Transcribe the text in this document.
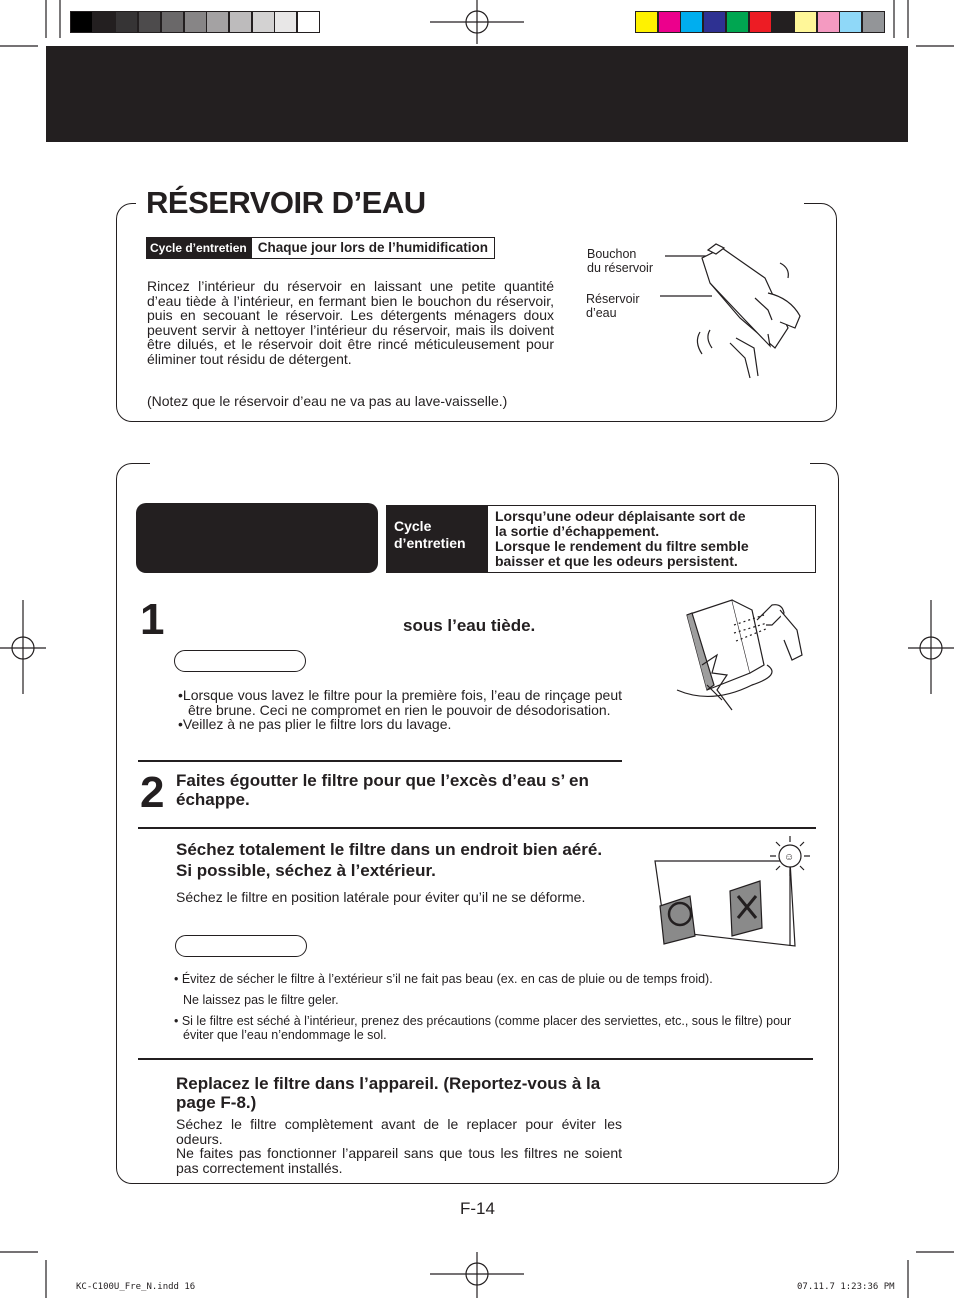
RÉSERVOIR D’EAU
Cycle d’entretien Chaque jour lors de l’humidification
Rincez l’intérieur du réservoir en laissant une petite quantité d’eau tiède à l’intérieur, en fermant bien le bouchon du réservoir, puis en secouant le réservoir. Les détergents ménagers doux peuvent servir à nettoyer l’intérieur du réservoir, mais ils doivent être dilués, et le réservoir doit être rincé méticuleusement pour éliminer tout résidu de détergent.
(Notez que le réservoir d’eau ne va pas au lave-vaisselle.)
Bouchon
du réservoir
Réservoir
d’eau
Cycle
d’entretien
Lorsqu’une odeur déplaisante sort de
la sortie d’échappement.
Lorsque le rendement du filtre semble
baisser et que les odeurs persistent.
1	sous l’eau tiède.
•Lorsque vous lavez le filtre pour la première fois, l’eau de rinçage peut être brune. Ceci ne compromet en rien le pouvoir de désodorisation.
•Veillez à ne pas plier le filtre lors du lavage.
2 Faites égoutter le filtre pour que l’excès d’eau s’ en échappe.
Séchez totalement le filtre dans un endroit bien aéré. Si possible, séchez à l’extérieur.
Séchez le filtre en position latérale pour éviter qu’il ne se déforme.
• Évitez de sécher le filtre à l’extérieur s’il ne fait pas beau (ex. en cas de pluie ou de temps froid).
Ne laissez pas le filtre geler.
• Si le filtre est séché à l’intérieur, prenez des précautions (comme placer des serviettes, etc., sous le filtre) pour éviter que l’eau n’endommage le sol.
☺
Replacez le filtre dans l’appareil. (Reportez-vous à la page F-8.)
Séchez le filtre complètement avant de le replacer pour éviter les odeurs.
Ne faites pas fonctionner l’appareil sans que tous les filtres ne soient pas correctement installés.
F-14
KC-C100U_Fre_N.indd 16	07.11.7 1:23:36 PM
